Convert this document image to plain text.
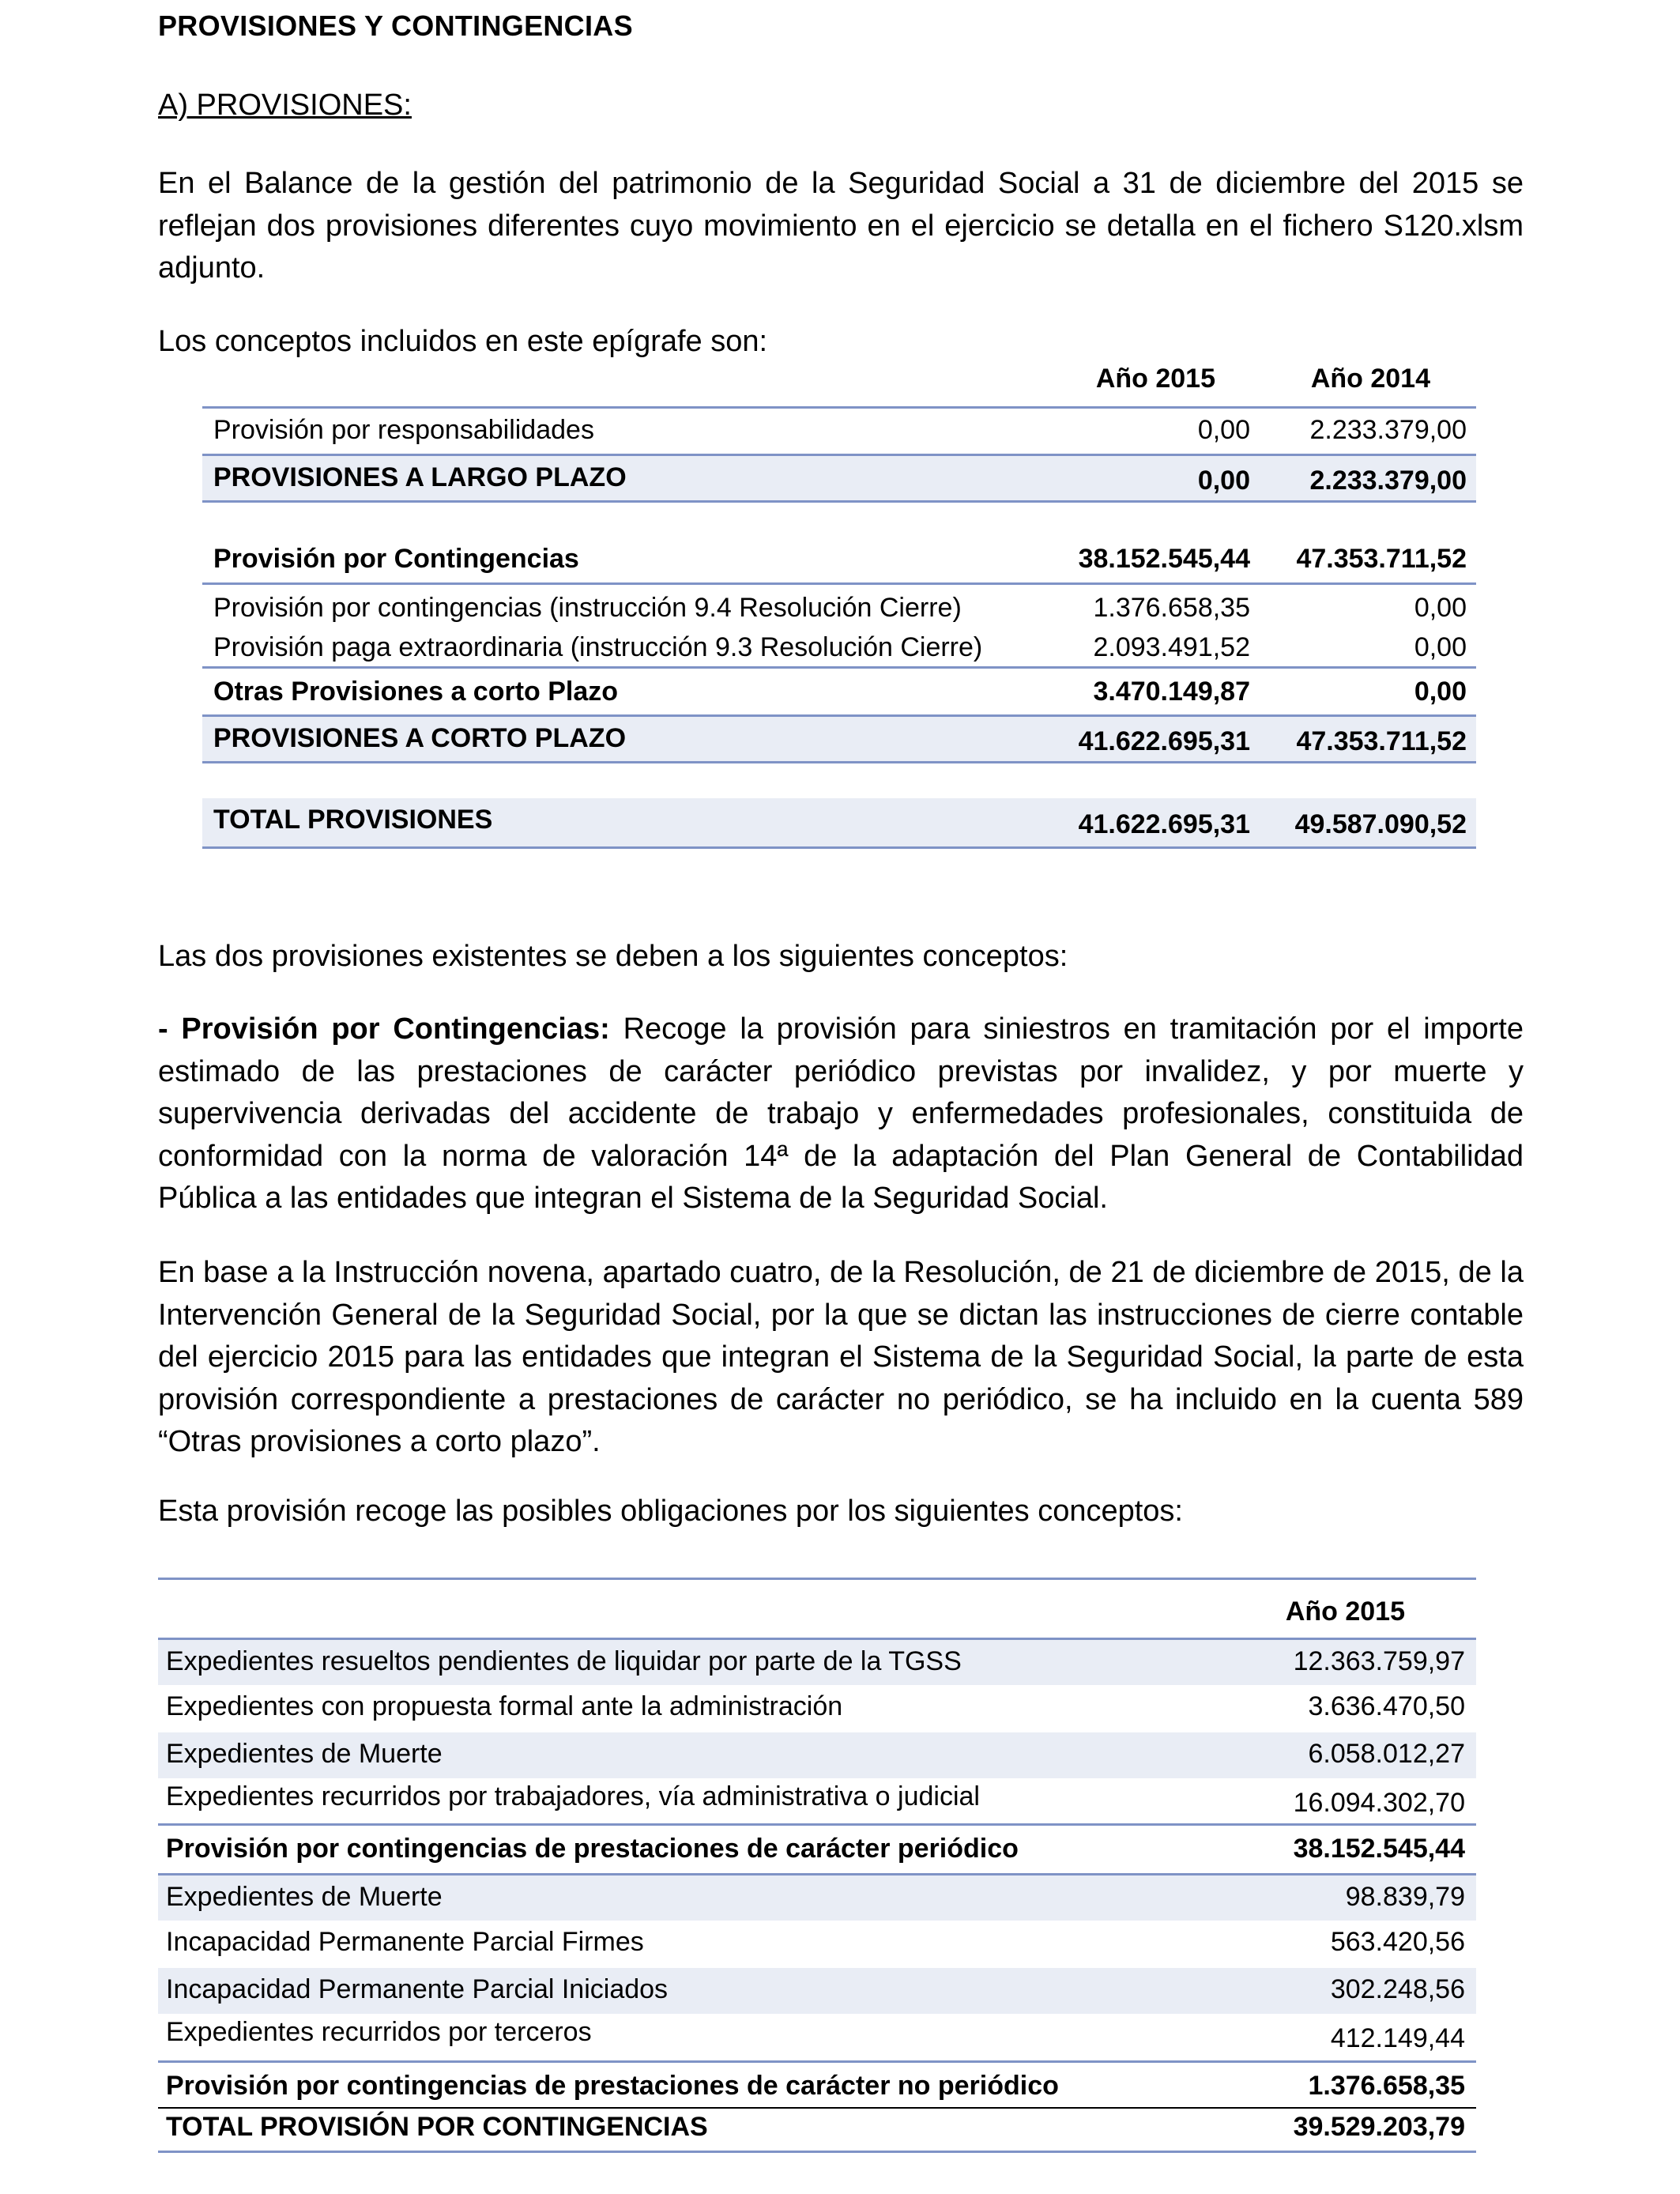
PROVISIONES Y CONTINGENCIAS
A) PROVISIONES:
En el Balance de la gestión del patrimonio de la Seguridad Social a 31 de diciembre del 2015 se reflejan dos provisiones diferentes cuyo movimiento en el ejercicio se detalla en el fichero S120.xlsm adjunto.
Los conceptos incluidos en este epígrafe son:
Año 2015	Año 2014
Provisión por responsabilidades	0,00 2.233.379,00
PROVISIONES A LARGO PLAZO	0,00 2.233.379,00
Provisión por Contingencias	38.152.545,44 47.353.711,52
Provisión por contingencias (instrucción 9.4 Resolución Cierre)	1.376.658,35	0,00
Provisión paga extraordinaria (instrucción 9.3 Resolución Cierre)	2.093.491,52	0,00
Otras Provisiones a corto Plazo	3.470.149,87	0,00
PROVISIONES A CORTO PLAZO	41.622.695,31 47.353.711,52
TOTAL PROVISIONES	41.622.695,31 49.587.090,52
Las dos provisiones existentes se deben a los siguientes conceptos:
- Provisión por Contingencias: Recoge la provisión para siniestros en tramitación por el importe estimado de las prestaciones de carácter periódico previstas por invalidez, y por muerte y supervivencia derivadas del accidente de trabajo y enfermedades profesionales, constituida de conformidad con la norma de valoración 14ª de la adaptación del Plan General de Contabilidad Pública a las entidades que integran el Sistema de la Seguridad Social.
En base a la Instrucción novena, apartado cuatro, de la Resolución, de 21 de diciembre de 2015, de la Intervención General de la Seguridad Social, por la que se dictan las instrucciones de cierre contable del ejercicio 2015 para las entidades que integran el Sistema de la Seguridad Social, la parte de esta provisión correspondiente a prestaciones de carácter no periódico, se ha incluido en la cuenta 589 “Otras provisiones a corto plazo”.
Esta provisión recoge las posibles obligaciones por los siguientes conceptos:
Año 2015
Expedientes resueltos pendientes de liquidar por parte de la TGSS	12.363.759,97
Expedientes con propuesta formal ante la administración	3.636.470,50
Expedientes de Muerte	6.058.012,27
Expedientes recurridos por trabajadores, vía administrativa o judicial	16.094.302,70
Provisión por contingencias de prestaciones de carácter periódico	38.152.545,44
Expedientes de Muerte	98.839,79
Incapacidad Permanente Parcial Firmes	563.420,56
Incapacidad Permanente Parcial Iniciados	302.248,56
Expedientes recurridos por terceros	412.149,44
Provisión por contingencias de prestaciones de carácter no periódico	1.376.658,35
TOTAL PROVISIÓN POR CONTINGENCIAS	39.529.203,79
